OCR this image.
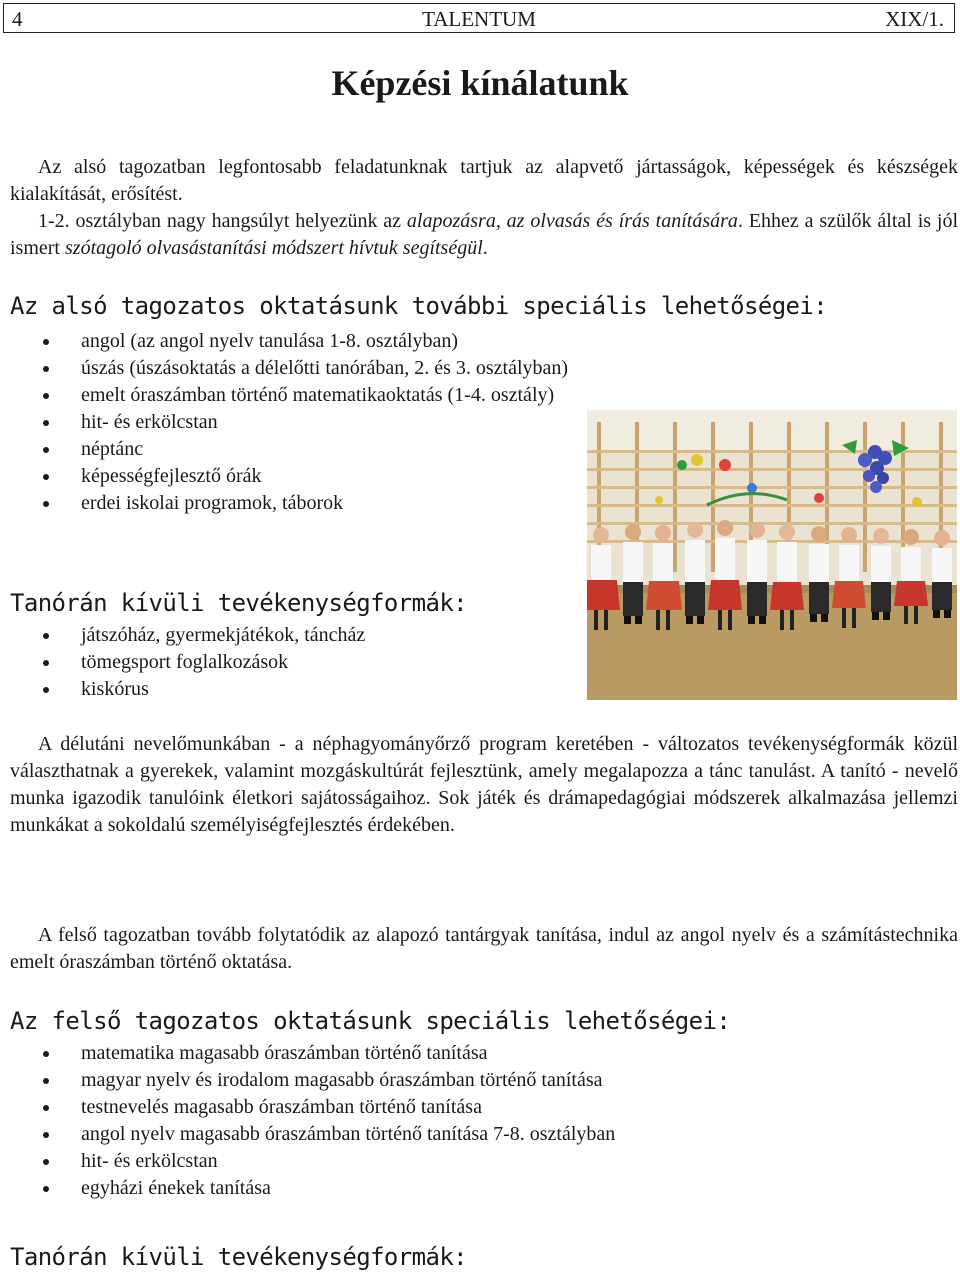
4	TALENTUM	XIX/1.
Képzési kínálatunk

Az alsó tagozatban legfontosabb feladatunknak tartjuk az alapvető jártasságok, képességek és készségek kialakítását, erősítést.

1-2. osztályban nagy hangsúlyt helyezünk az alapozásra, az olvasás és írás tanítására. Ehhez a szülők által is jól ismert szótagoló olvasástanítási módszert hívtuk segítségül.

Az alsó tagozatos oktatásunk további speciális lehetőségei:
angol (az angol nyelv tanulása 1-8. osztályban)
úszás (úszásoktatás a délelőtti tanórában, 2. és 3. osztályban)
emelt óraszámban történő matematikaoktatás (1-4. osztály)
hit- és erkölcstan
néptánc
képességfejlesztő órák
erdei iskolai programok, táborok
Tanórán kívüli tevékenységformák:
játszóház, gyermekjátékok, táncház
tömegsport foglalkozások
kiskórus

A délutáni nevelőmunkában - a néphagyományőrző program keretében - változatos tevékenységformák közül választhatnak a gyerekek, valamint mozgáskultúrát fejlesztünk, amely megalapozza a tánc tanulást. A tanító - nevelő munka igazodik tanulóink életkori sajátosságaihoz. Sok játék és drámapedagógiai módszerek alkalmazása jellemzi munkákat a sokoldalú személyiségfejlesztés érdekében.

A felső tagozatban tovább folytatódik az alapozó tantárgyak tanítása, indul az angol nyelv és a számítástechnika emelt óraszámban történő oktatása.

Az felső tagozatos oktatásunk speciális lehetőségei:
matematika magasabb óraszámban történő tanítása
magyar nyelv és irodalom magasabb óraszámban történő tanítása
testnevelés magasabb óraszámban történő tanítása
angol nyelv magasabb óraszámban történő tanítása 7-8. osztályban
hit- és erkölcstan
egyházi énekek tanítása
Tanórán kívüli tevékenységformák:
